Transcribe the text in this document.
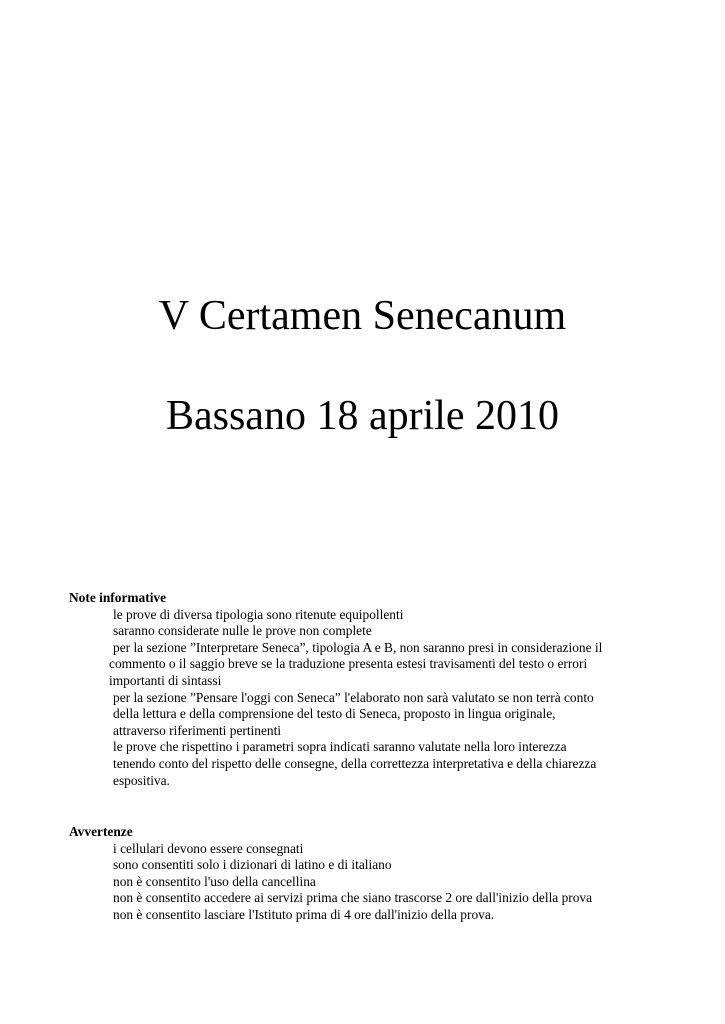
V Certamen Senecanum
Bassano 18 aprile 2010

Note informative

le prove di diversa tipologia sono ritenute equipollenti
saranno considerate nulle le prove non complete
per la sezione ”Interpretare Seneca”, tipologia A e B, non saranno presi in considerazione il
commento o il saggio breve se la traduzione presenta estesi travisamenti del testo o errori
importanti di sintassi
per la sezione ”Pensare l'oggi con Seneca” l'elaborato non sarà valutato se non terrà conto
della lettura e della comprensione del testo di Seneca, proposto in lingua originale,
attraverso riferimenti pertinenti
le prove che rispettino i parametri sopra indicati saranno valutate nella loro interezza
tenendo conto del rispetto delle consegne, della correttezza interpretativa e della chiarezza
espositiva.

Avvertenze

i cellulari devono essere consegnati
sono consentiti solo i dizionari di latino e di italiano
non è consentito l'uso della cancellina
non è consentito accedere ai servizi prima che siano trascorse 2 ore dall'inizio della prova
non è consentito lasciare l'Istituto prima di 4 ore dall'inizio della prova.
